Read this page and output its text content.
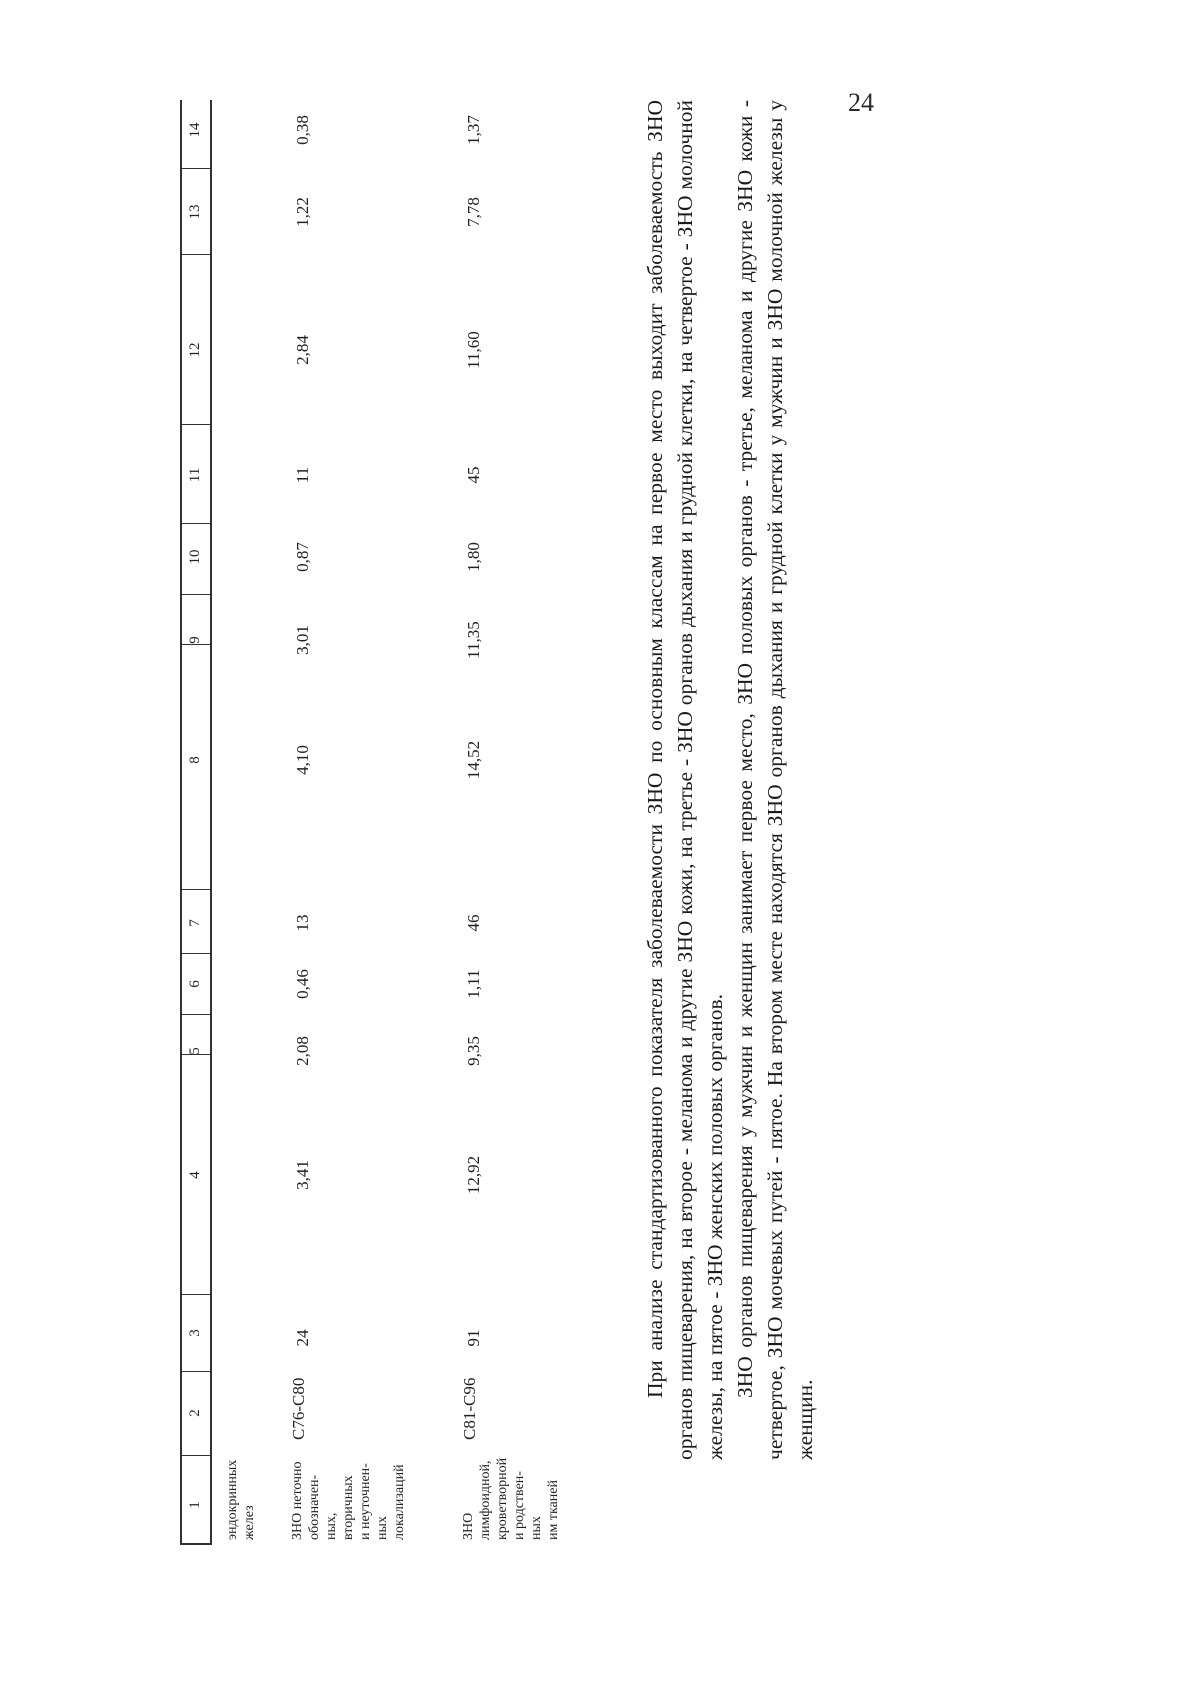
24
1
2
3
4
5
6
7
8
9
10
11
12
13
14
эндокринных
желез ЗНО неточно
обозначен-
ных,
вторичных
и неуточнен-
ных
локализаций
C76-C80
24
3,41
2,08
0,46
13
4,10
3,01
0,87
11
2,84
1,22
0,38
ЗНО
лимфоидной,
кроветворной
и родствен-
ных
им тканей
C81-C96
91
12,92
9,35
1,11
46
14,52
11,35
1,80
45
11,60
7,78
1,37	При анализе стандартизованного показателя заболеваемости ЗНО по основным классам на первое место выходит заболеваемость ЗНО органов пищеварения, на второе - меланома и другие ЗНО кожи, на третье - ЗНО органов дыхания и грудной клетки, на четвертое - ЗНО молочной железы, на пятое - ЗНО женских половых органов. ЗНО органов пищеварения у мужчин и женщин занимает первое место, ЗНО половых органов - третье, меланома и другие ЗНО кожи - четвертое, ЗНО мочевых путей - пятое. На втором месте находятся ЗНО органов дыхания и грудной клетки у мужчин и ЗНО молочной железы у женщин.
